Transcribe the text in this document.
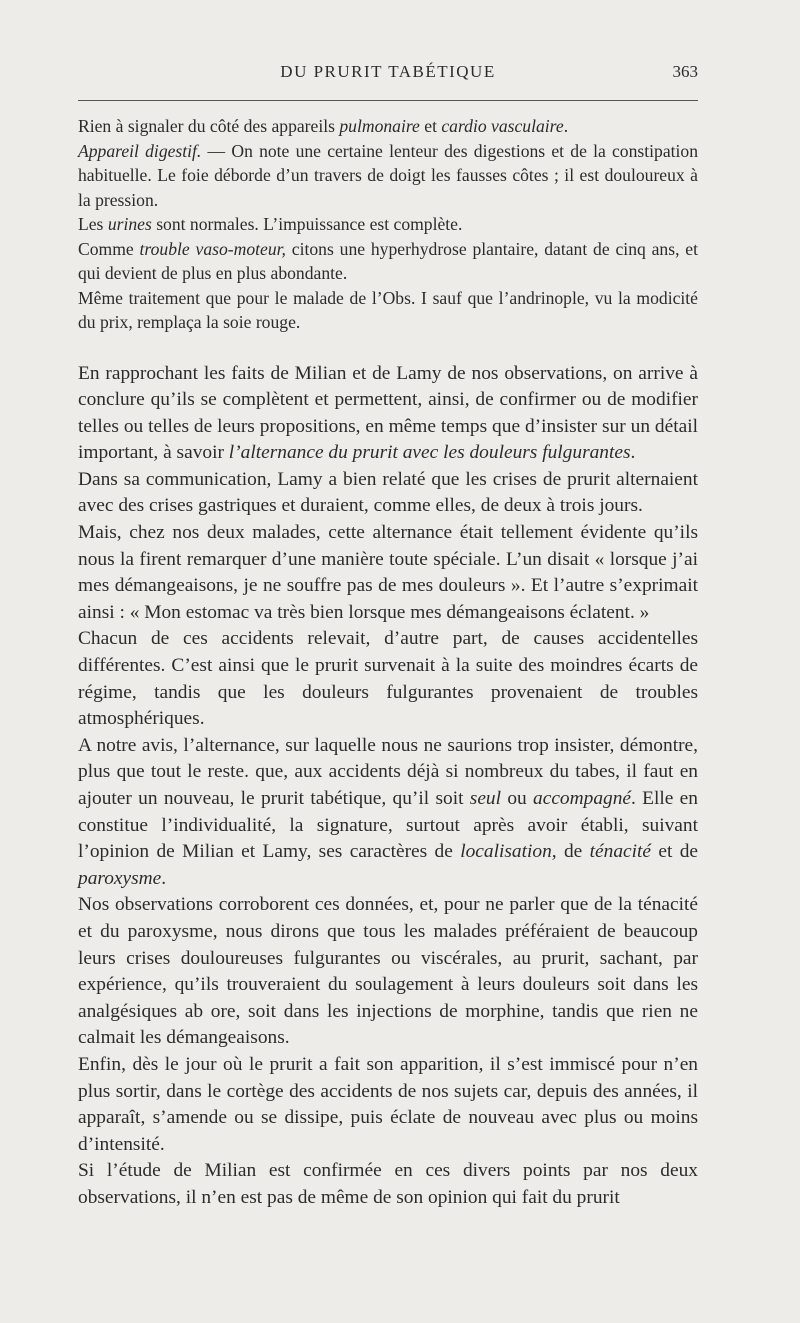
DU PRURIT TABÉTIQUE	363

Rien à signaler du côté des appareils pulmonaire et cardio vasculaire.

Appareil digestif. — On note une certaine lenteur des digestions et de la constipation habituelle. Le foie déborde d’un travers de doigt les fausses côtes ; il est douloureux à la pression.

Les urines sont normales. L’impuissance est complète.

Comme trouble vaso-moteur, citons une hyperhydrose plantaire, datant de cinq ans, et qui devient de plus en plus abondante.

Même traitement que pour le malade de l’Obs. I sauf que l’andrinople, vu la modicité du prix, remplaça la soie rouge.

En rapprochant les faits de Milian et de Lamy de nos observations, on arrive à conclure qu’ils se complètent et permettent, ainsi, de confirmer ou de modifier telles ou telles de leurs propositions, en même temps que d’insister sur un détail important, à savoir l’alternance du prurit avec les douleurs fulgurantes.

Dans sa communication, Lamy a bien relaté que les crises de prurit alternaient avec des crises gastriques et duraient, comme elles, de deux à trois jours.

Mais, chez nos deux malades, cette alternance était tellement évidente qu’ils nous la firent remarquer d’une manière toute spéciale. L’un disait « lorsque j’ai mes démangeaisons, je ne souffre pas de mes douleurs ». Et l’autre s’exprimait ainsi : « Mon estomac va très bien lorsque mes démangeaisons éclatent. »

Chacun de ces accidents relevait, d’autre part, de causes accidentelles différentes. C’est ainsi que le prurit survenait à la suite des moindres écarts de régime, tandis que les douleurs fulgurantes provenaient de troubles atmosphériques.

A notre avis, l’alternance, sur laquelle nous ne saurions trop insister, démontre, plus que tout le reste. que, aux accidents déjà si nombreux du tabes, il faut en ajouter un nouveau, le prurit tabétique, qu’il soit seul ou accompagné. Elle en constitue l’individualité, la signature, surtout après avoir établi, suivant l’opinion de Milian et Lamy, ses caractères de localisation, de ténacité et de paroxysme.

Nos observations corroborent ces données, et, pour ne parler que de la ténacité et du paroxysme, nous dirons que tous les malades préféraient de beaucoup leurs crises douloureuses fulgurantes ou viscérales, au prurit, sachant, par expérience, qu’ils trouveraient du soulagement à leurs douleurs soit dans les analgésiques ab ore, soit dans les injections de morphine, tandis que rien ne calmait les démangeaisons.

Enfin, dès le jour où le prurit a fait son apparition, il s’est immiscé pour n’en plus sortir, dans le cortège des accidents de nos sujets car, depuis des années, il apparaît, s’amende ou se dissipe, puis éclate de nouveau avec plus ou moins d’intensité.

Si l’étude de Milian est confirmée en ces divers points par nos deux observations, il n’en est pas de même de son opinion qui fait du prurit
